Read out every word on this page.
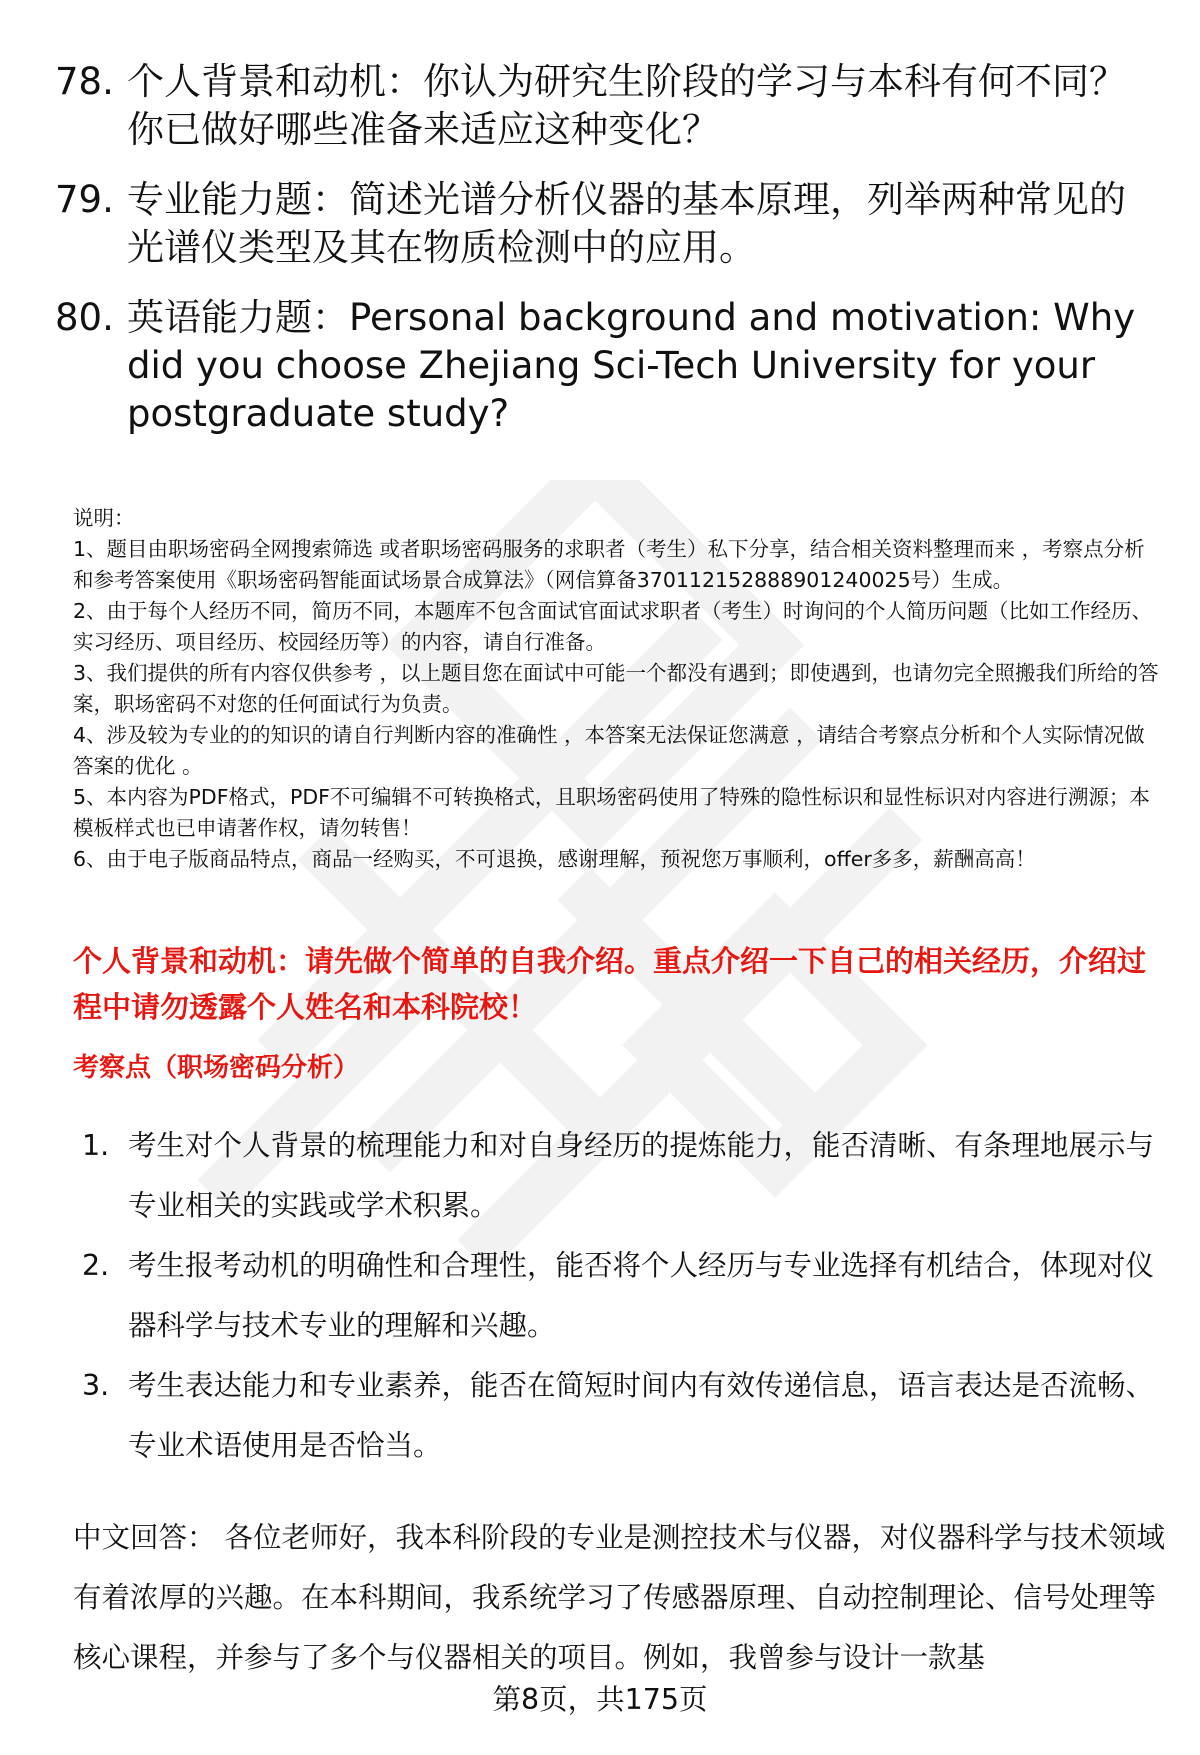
78. 个人背景和动机：你认为研究生阶段的学习与本科有何不同？你已做好哪些准备来适应这种变化？
79. 专业能力题：简述光谱分析仪器的基本原理，列举两种常见的光谱仪类型及其在物质检测中的应用。
80. 英语能力题：Personal background and motivation: Why did you choose Zhejiang Sci-Tech University for your postgraduate study?

说明：

1、题目由职场密码全网搜索筛选 或者职场密码服务的求职者（考生）私下分享，结合相关资料整理而来 ，考察点分析和参考答案使用《职场密码智能面试场景合成算法》（网信算备370112152888901240025号）生成。

2、由于每个人经历不同，简历不同，本题库不包含面试官面试求职者（考生）时询问的个人简历问题（比如工作经历、实习经历、项目经历、校园经历等）的内容，请自行准备。

3、我们提供的所有内容仅供参考 ，以上题目您在面试中可能一个都没有遇到；即使遇到，也请勿完全照搬我们所给的答案，职场密码不对您的任何面试行为负责。

4、涉及较为专业的的知识的请自行判断内容的准确性 ，本答案无法保证您满意 ，请结合考察点分析和个人实际情况做答案的优化 。

5、本内容为PDF格式，PDF不可编辑不可转换格式，且职场密码使用了特殊的隐性标识和显性标识对内容进行溯源；本模板样式也已申请著作权，请勿转售！

6、由于电子版商品特点，商品一经购买，不可退换，感谢理解，预祝您万事顺利，offer多多，薪酬高高！

个人背景和动机：请先做个简单的自我介绍。重点介绍一下自己的相关经历，介绍过程中请勿透露个人姓名和本科院校！
考察点（职场密码分析）
1. 考生对个人背景的梳理能力和对自身经历的提炼能力，能否清晰、有条理地展示与专业相关的实践或学术积累。
2. 考生报考动机的明确性和合理性，能否将个人经历与专业选择有机结合，体现对仪器科学与技术专业的理解和兴趣。
3. 考生表达能力和专业素养，能否在简短时间内有效传递信息，语言表达是否流畅、专业术语使用是否恰当。
中文回答： 各位老师好，我本科阶段的专业是测控技术与仪器，对仪器科学与技术领域有着浓厚的兴趣。在本科期间，我系统学习了传感器原理、自动控制理论、信号处理等核心课程，并参与了多个与仪器相关的项目。例如，我曾参与设计一款基
第8页，共175页
